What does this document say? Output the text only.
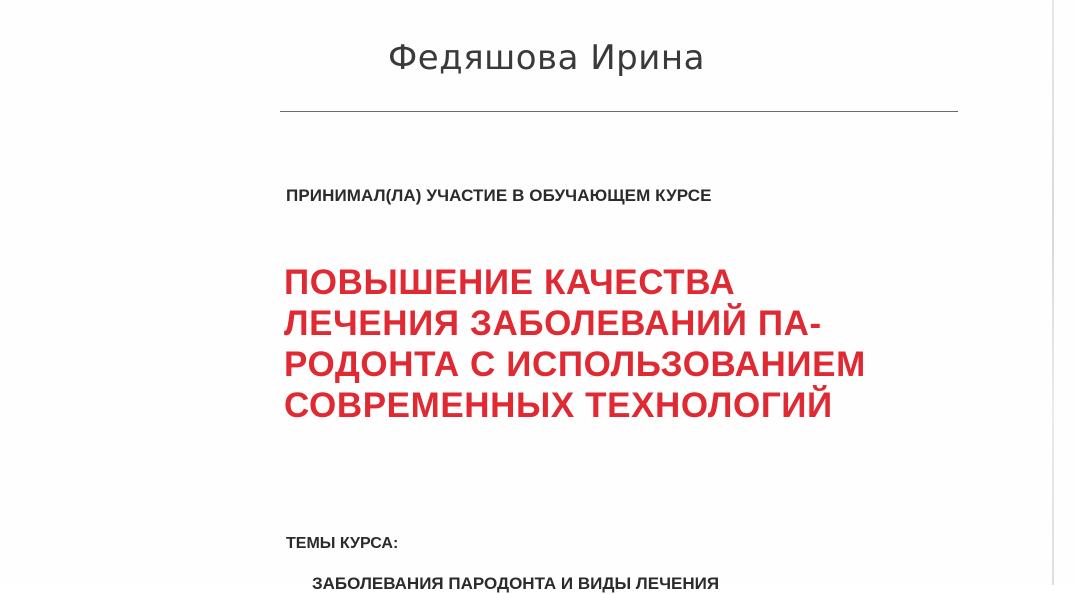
Федяшова Ирина
ПРИНИМАЛ(ЛА) УЧАСТИЕ В ОБУЧАЮЩЕМ КУРСЕ
ПОВЫШЕНИЕ КАЧЕСТВА
ЛЕЧЕНИЯ ЗАБОЛЕВАНИЙ ПА-
РОДОНТА С ИСПОЛЬЗОВАНИЕМ
СОВРЕМЕННЫХ ТЕХНОЛОГИЙ
ТЕМЫ КУРСА:
ЗАБОЛЕВАНИЯ ПАРОДОНТА И ВИДЫ ЛЕЧЕНИЯ
